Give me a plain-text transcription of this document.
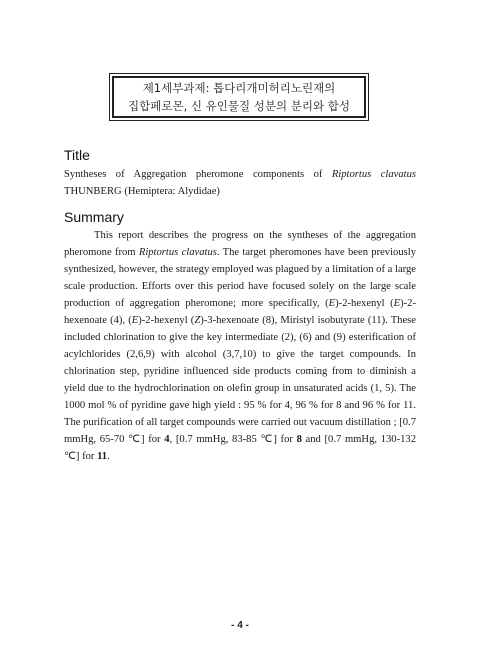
제1세부과제: 톱다리개미허리노린재의
집합페로몬, 신 유인물질 성분의 분리와 합성
Title
Syntheses of Aggregation pheromone components of Riptortus clavatus THUNBERG (Hemiptera: Alydidae)
Summary
This report describes the progress on the syntheses of the aggregation pheromone from Riptortus clavatus. The target pheromones have been previously synthesized, however, the strategy employed was plagued by a limitation of a large scale production. Efforts over this period have focused solely on the large scale production of aggregation pheromone; more specifically, (E)-2-hexenyl (E)-2-hexenoate (4), (E)-2-hexenyl (Z)-3-hexenoate (8), Miristyl isobutyrate (11). These included chlorination to give the key intermediate (2), (6) and (9) esterification of acylchlorides (2,6,9) with alcohol (3,7,10) to give the target compounds. In chlorination step, pyridine influenced side products coming from to diminish a yield due to the hydrochlorination on olefin group in unsaturated acids (1, 5). The 1000 mol % of pyridine gave high yield : 95 % for 4, 96 % for 8 and 96 % for 11. The purification of all target compounds were carried out vacuum distillation ; [0.7 mmHg, 65-70 ℃] for 4, [0.7 mmHg, 83-85 ℃] for 8 and [0.7 mmHg, 130-132 ℃] for 11.
- 4 -
